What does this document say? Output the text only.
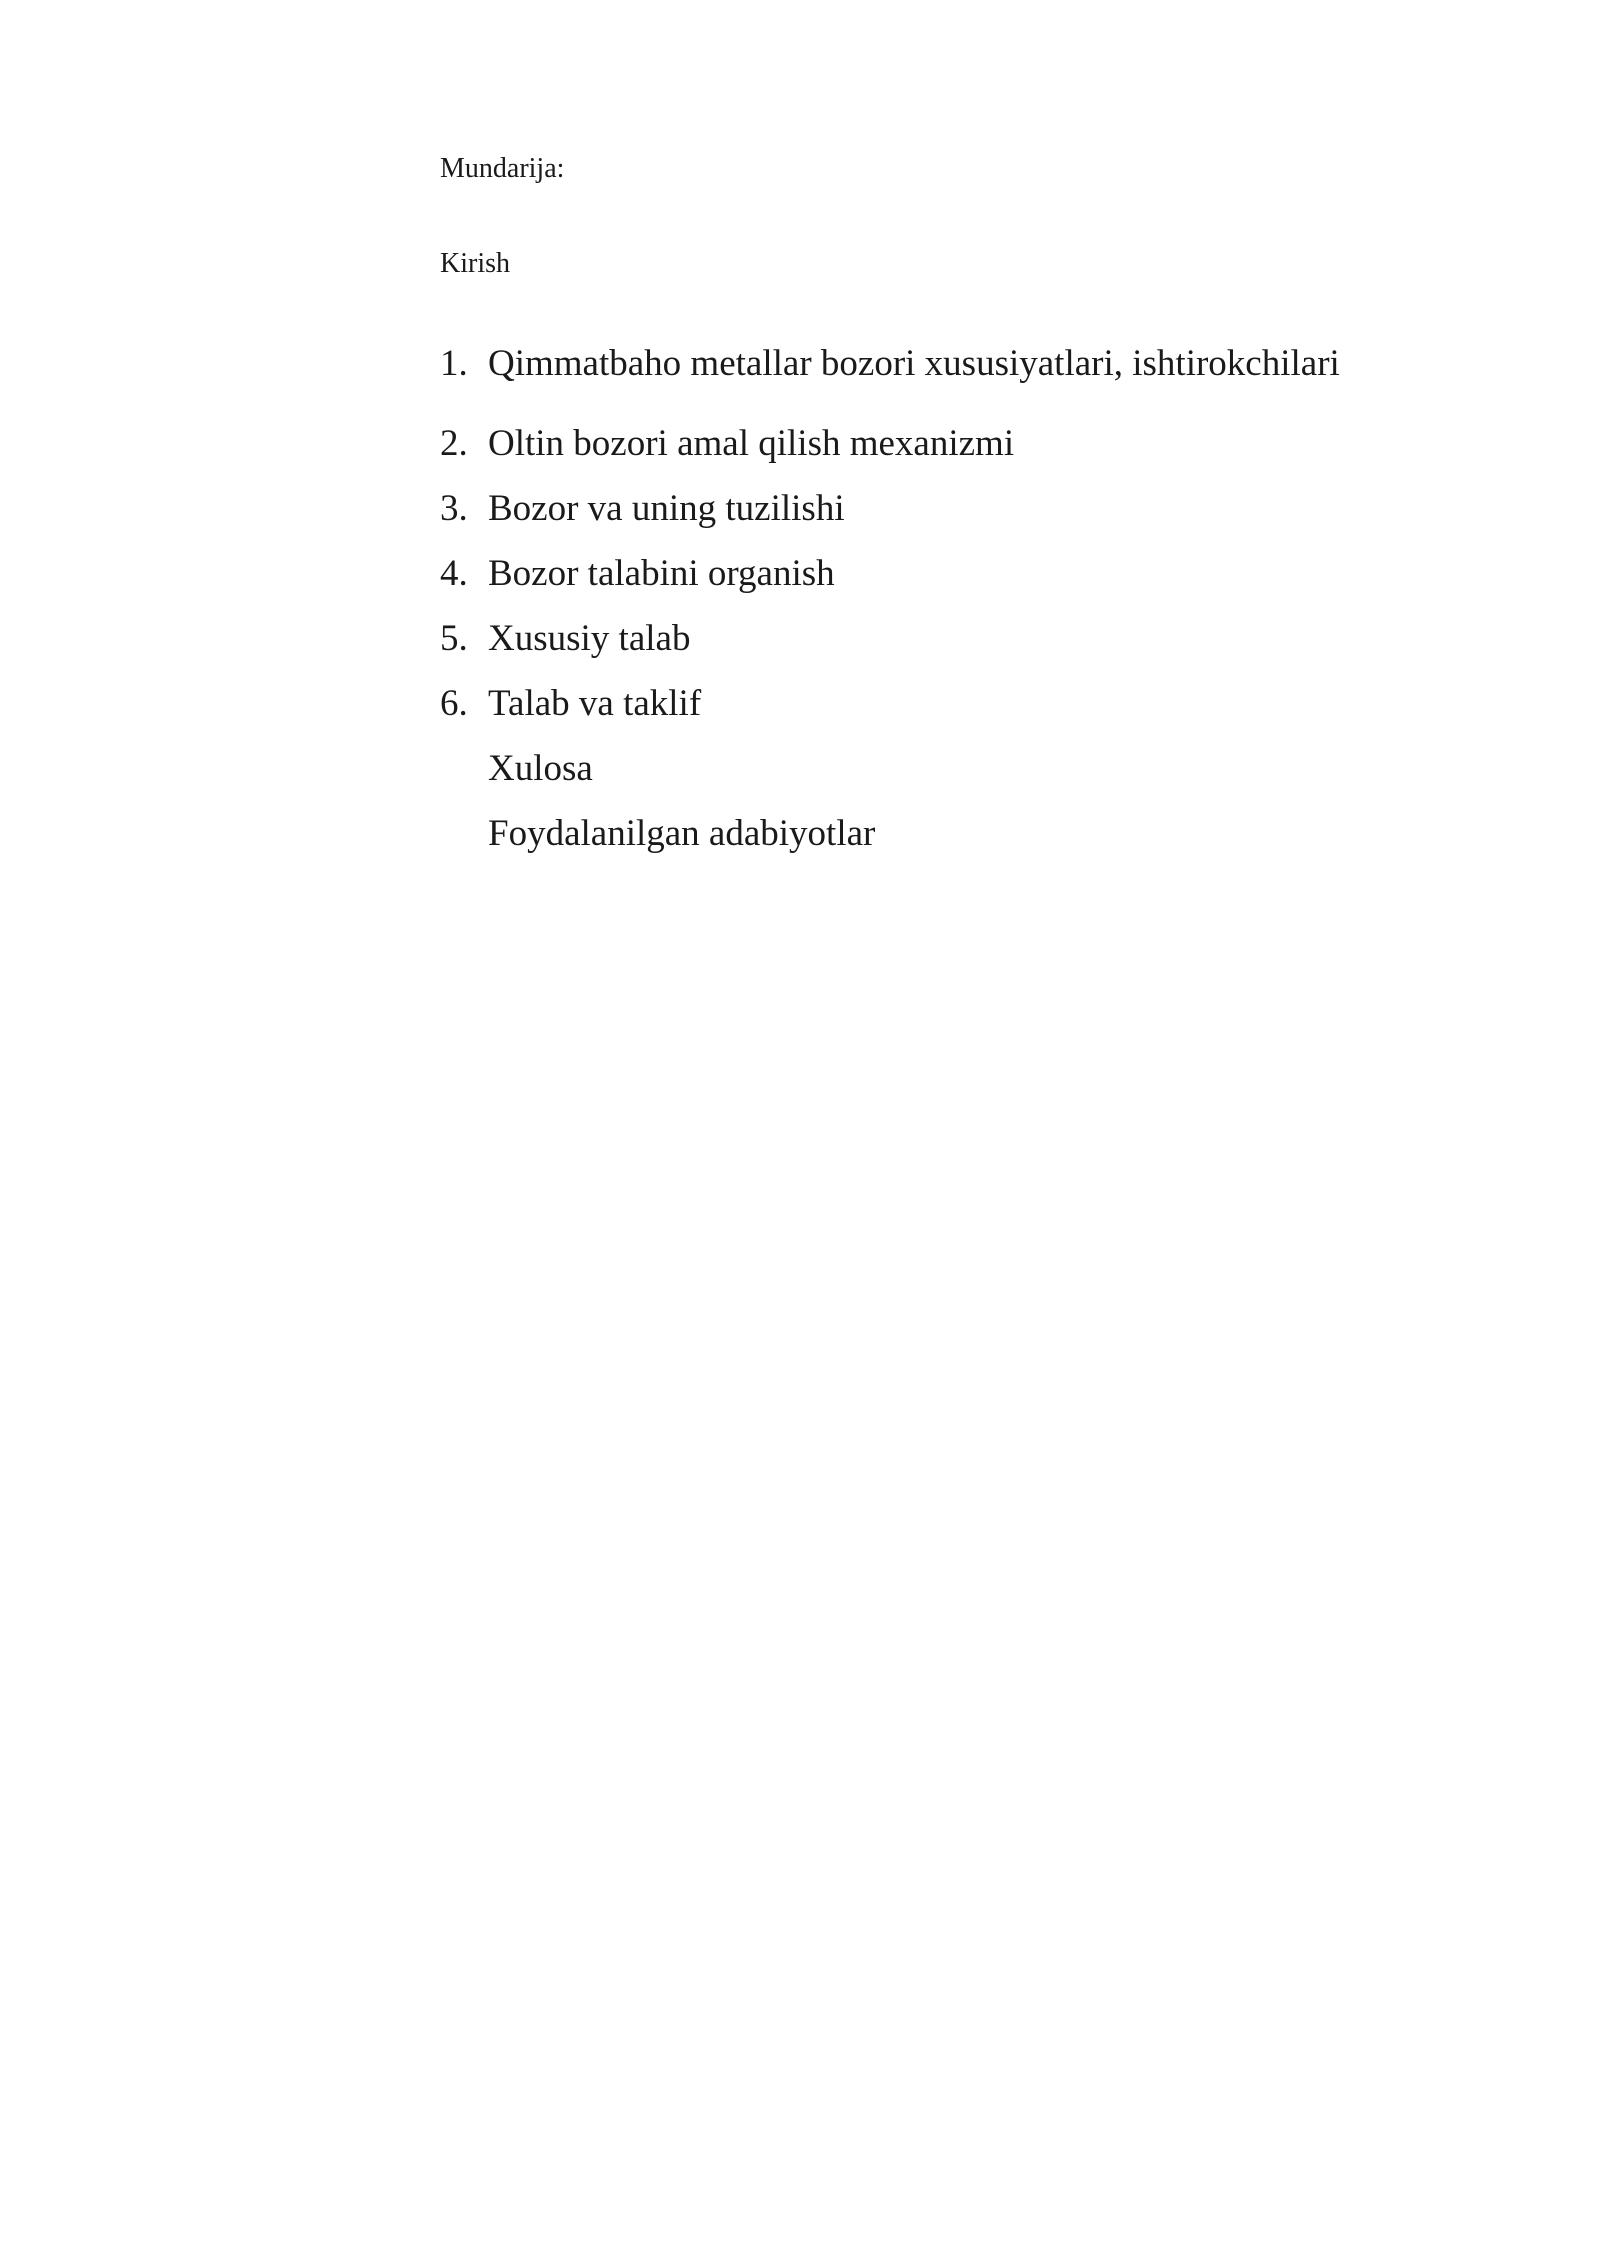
Mundarija:
Kirish
1. Qimmatbaho metallar bozori xususiyatlari, ishtirokchilari
2. Oltin bozori amal qilish mexanizmi
3. Bozor va uning tuzilishi
4. Bozor talabini organish
5. Xususiy talab
6. Talab va taklif
Xulosa
Foydalanilgan adabiyotlar
